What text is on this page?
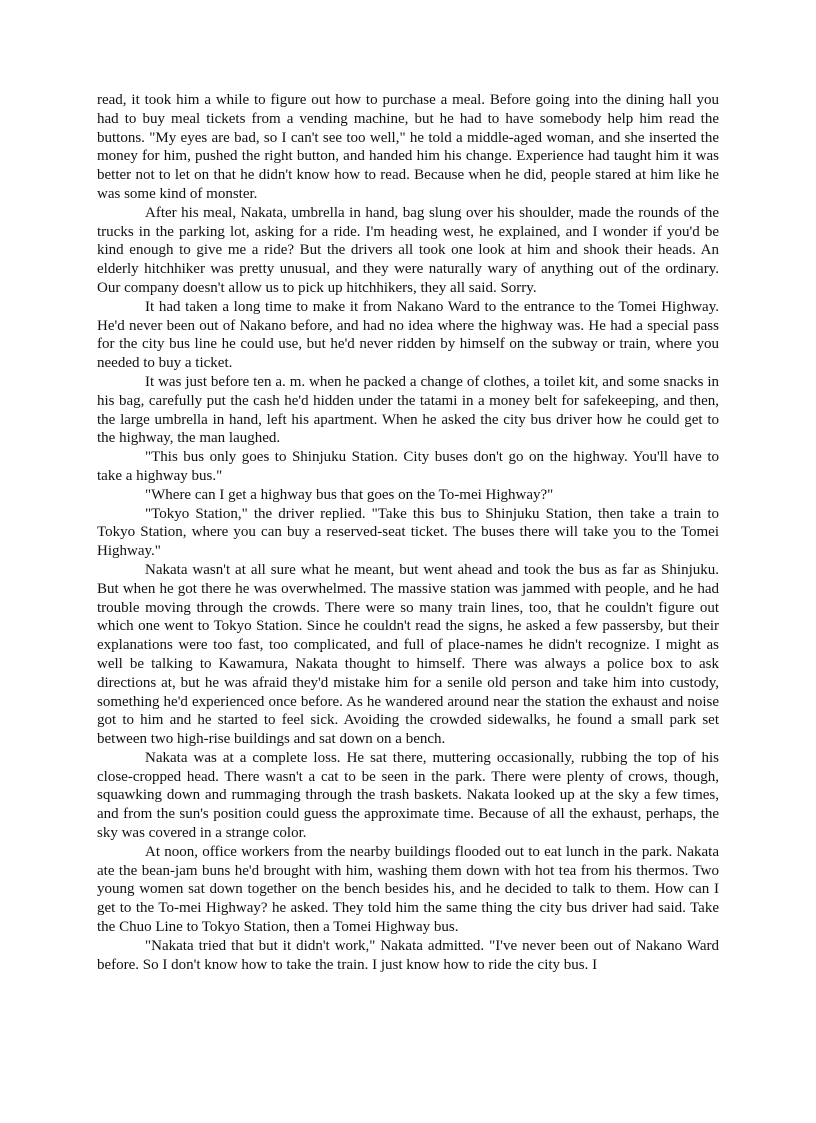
read, it took him a while to figure out how to purchase a meal. Before going into the dining hall you had to buy meal tickets from a vending machine, but he had to have somebody help him read the buttons. "My eyes are bad, so I can't see too well," he told a middle-aged woman, and she inserted the money for him, pushed the right button, and handed him his change. Experience had taught him it was better not to let on that he didn't know how to read. Because when he did, people stared at him like he was some kind of monster.

After his meal, Nakata, umbrella in hand, bag slung over his shoulder, made the rounds of the trucks in the parking lot, asking for a ride. I'm heading west, he explained, and I wonder if you'd be kind enough to give me a ride? But the drivers all took one look at him and shook their heads. An elderly hitchhiker was pretty unusual, and they were naturally wary of anything out of the ordinary. Our company doesn't allow us to pick up hitchhikers, they all said. Sorry.

It had taken a long time to make it from Nakano Ward to the entrance to the Tomei Highway. He'd never been out of Nakano before, and had no idea where the highway was. He had a special pass for the city bus line he could use, but he'd never ridden by himself on the subway or train, where you needed to buy a ticket.

It was just before ten a. m. when he packed a change of clothes, a toilet kit, and some snacks in his bag, carefully put the cash he'd hidden under the tatami in a money belt for safekeeping, and then, the large umbrella in hand, left his apartment. When he asked the city bus driver how he could get to the highway, the man laughed.

"This bus only goes to Shinjuku Station. City buses don't go on the highway. You'll have to take a highway bus."

"Where can I get a highway bus that goes on the To-mei Highway?"

"Tokyo Station," the driver replied. "Take this bus to Shinjuku Station, then take a train to Tokyo Station, where you can buy a reserved-seat ticket. The buses there will take you to the Tomei Highway."

Nakata wasn't at all sure what he meant, but went ahead and took the bus as far as Shinjuku. But when he got there he was overwhelmed. The massive station was jammed with people, and he had trouble moving through the crowds. There were so many train lines, too, that he couldn't figure out which one went to Tokyo Station. Since he couldn't read the signs, he asked a few passersby, but their explanations were too fast, too complicated, and full of place-names he didn't recognize. I might as well be talking to Kawamura, Nakata thought to himself. There was always a police box to ask directions at, but he was afraid they'd mistake him for a senile old person and take him into custody, something he'd experienced once before. As he wandered around near the station the exhaust and noise got to him and he started to feel sick. Avoiding the crowded sidewalks, he found a small park set between two high-rise buildings and sat down on a bench.

Nakata was at a complete loss. He sat there, muttering occasionally, rubbing the top of his close-cropped head. There wasn't a cat to be seen in the park. There were plenty of crows, though, squawking down and rummaging through the trash baskets. Nakata looked up at the sky a few times, and from the sun's position could guess the approximate time. Because of all the exhaust, perhaps, the sky was covered in a strange color.

At noon, office workers from the nearby buildings flooded out to eat lunch in the park. Nakata ate the bean-jam buns he'd brought with him, washing them down with hot tea from his thermos. Two young women sat down together on the bench besides his, and he decided to talk to them. How can I get to the To-mei Highway? he asked. They told him the same thing the city bus driver had said. Take the Chuo Line to Tokyo Station, then a Tomei Highway bus.

"Nakata tried that but it didn't work," Nakata admitted. "I've never been out of Nakano Ward before. So I don't know how to take the train. I just know how to ride the city bus. I
